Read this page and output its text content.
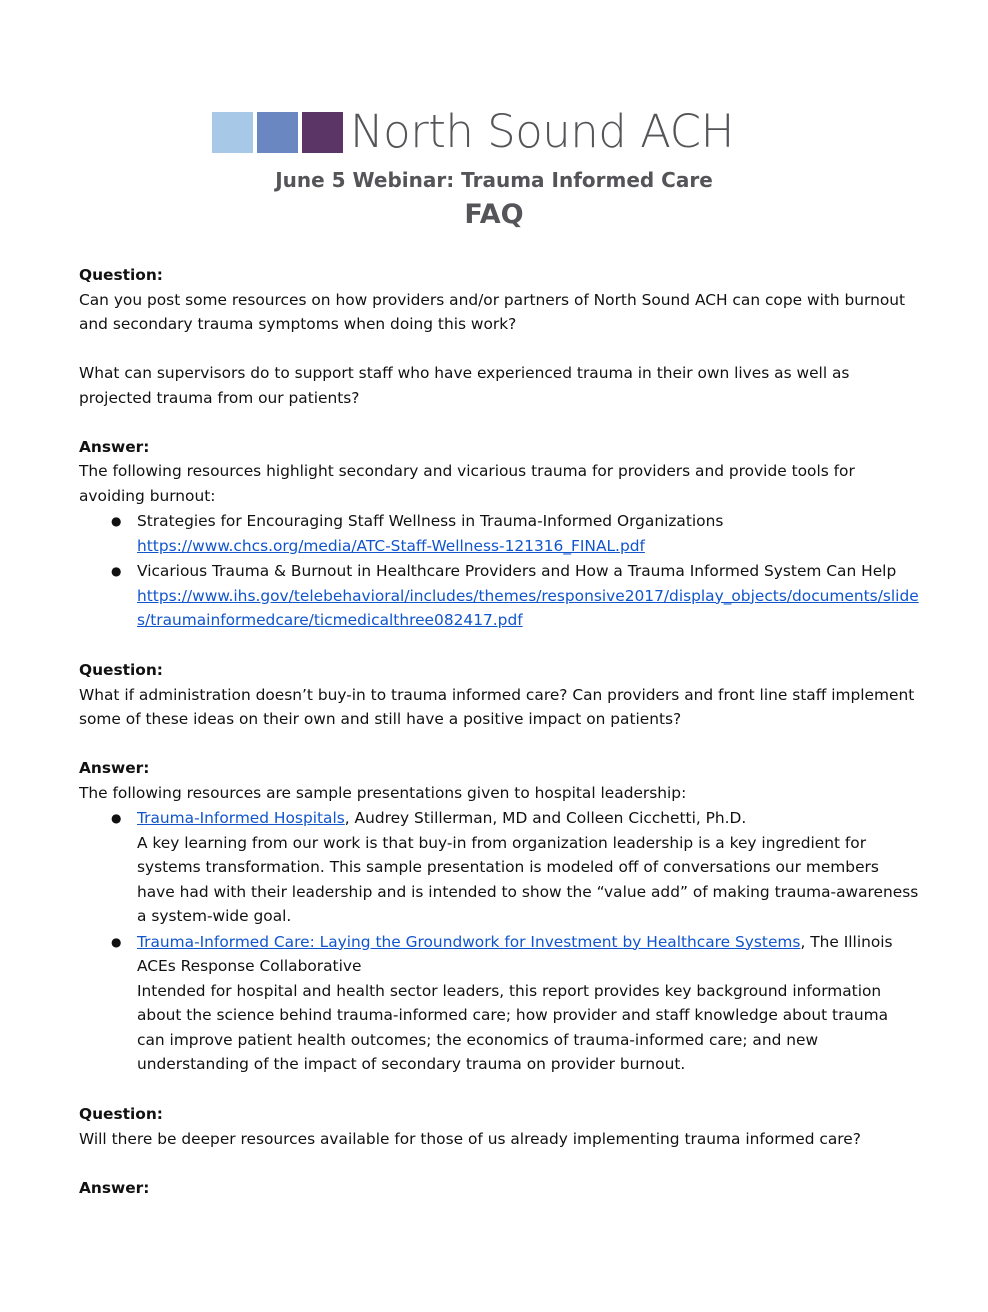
North Sound ACH
June 5 Webinar: Trauma Informed Care
FAQ

Question:

Can you post some resources on how providers and/or partners of North Sound ACH can cope with burnout and secondary trauma symptoms when doing this work?

What can supervisors do to support staff who have experienced trauma in their own lives as well as projected trauma from our patients?

Answer:

The following resources highlight secondary and vicarious trauma for providers and provide tools for avoiding burnout:

● Strategies for Encouraging Staff Wellness in Trauma-Informed Organizations
https://www.chcs.org/media/ATC-Staff-Wellness-121316_FINAL.pdf
● Vicarious Trauma & Burnout in Healthcare Providers and How a Trauma Informed System Can Help
https://www.ihs.gov/telebehavioral/includes/themes/responsive2017/display_objects/documents/slides/traumainformedcare/ticmedicalthree082417.pdf

Question:

What if administration doesn’t buy-in to trauma informed care? Can providers and front line staff implement some of these ideas on their own and still have a positive impact on patients?

Answer:

The following resources are sample presentations given to hospital leadership:

● Trauma-Informed Hospitals, Audrey Stillerman, MD and Colleen Cicchetti, Ph.D.
A key learning from our work is that buy-in from organization leadership is a key ingredient for systems transformation. This sample presentation is modeled off of conversations our members have had with their leadership and is intended to show the “value add” of making trauma-awareness a system-wide goal.
● Trauma-Informed Care: Laying the Groundwork for Investment by Healthcare Systems, The Illinois ACEs Response Collaborative
Intended for hospital and health sector leaders, this report provides key background information about the science behind trauma-informed care; how provider and staff knowledge about trauma can improve patient health outcomes; the economics of trauma-informed care; and new understanding of the impact of secondary trauma on provider burnout.

Question:

Will there be deeper resources available for those of us already implementing trauma informed care?

Answer:
